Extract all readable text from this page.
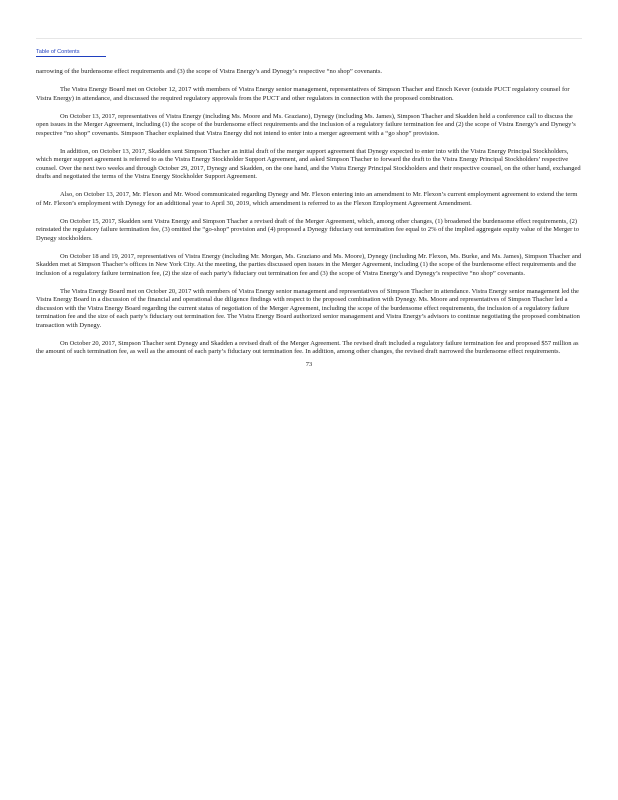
Table of Contents

narrowing of the burdensome effect requirements and (3) the scope of Vistra Energy’s and Dynegy’s respective “no shop” covenants.

The Vistra Energy Board met on October 12, 2017 with members of Vistra Energy senior management, representatives of Simpson Thacher and Enoch Kever (outside PUCT regulatory counsel for Vistra Energy) in attendance, and discussed the required regulatory approvals from the PUCT and other regulators in connection with the proposed combination.

On October 13, 2017, representatives of Vistra Energy (including Ms. Moore and Ms. Graziano), Dynegy (including Ms. James), Simpson Thacher and Skadden held a conference call to discuss the open issues in the Merger Agreement, including (1) the scope of the burdensome effect requirements and the inclusion of a regulatory failure termination fee and (2) the scope of Vistra Energy’s and Dynegy’s respective “no shop” covenants. Simpson Thacher explained that Vistra Energy did not intend to enter into a merger agreement with a “go shop” provision.

In addition, on October 13, 2017, Skadden sent Simpson Thacher an initial draft of the merger support agreement that Dynegy expected to enter into with the Vistra Energy Principal Stockholders, which merger support agreement is referred to as the Vistra Energy Stockholder Support Agreement, and asked Simpson Thacher to forward the draft to the Vistra Energy Principal Stockholders’ respective counsel. Over the next two weeks and through October 29, 2017, Dynegy and Skadden, on the one hand, and the Vistra Energy Principal Stockholders and their respective counsel, on the other hand, exchanged drafts and negotiated the terms of the Vistra Energy Stockholder Support Agreement.

Also, on October 13, 2017, Mr. Flexon and Mr. Wood communicated regarding Dynegy and Mr. Flexon entering into an amendment to Mr. Flexon’s current employment agreement to extend the term of Mr. Flexon’s employment with Dynegy for an additional year to April 30, 2019, which amendment is referred to as the Flexon Employment Agreement Amendment.

On October 15, 2017, Skadden sent Vistra Energy and Simpson Thacher a revised draft of the Merger Agreement, which, among other changes, (1) broadened the burdensome effect requirements, (2) reinstated the regulatory failure termination fee, (3) omitted the “go-shop” provision and (4) proposed a Dynegy fiduciary out termination fee equal to 2% of the implied aggregate equity value of the Merger to Dynegy stockholders.

On October 18 and 19, 2017, representatives of Vistra Energy (including Mr. Morgan, Ms. Graziano and Ms. Moore), Dynegy (including Mr. Flexon, Ms. Burke, and Ms. James), Simpson Thacher and Skadden met at Simpson Thacher’s offices in New York City. At the meeting, the parties discussed open issues in the Merger Agreement, including (1) the scope of the burdensome effect requirements and the inclusion of a regulatory failure termination fee, (2) the size of each party’s fiduciary out termination fee and (3) the scope of Vistra Energy’s and Dynegy’s respective “no shop” covenants.

The Vistra Energy Board met on October 20, 2017 with members of Vistra Energy senior management and representatives of Simpson Thacher in attendance. Vistra Energy senior management led the Vistra Energy Board in a discussion of the financial and operational due diligence findings with respect to the proposed combination with Dynegy. Ms. Moore and representatives of Simpson Thacher led a discussion with the Vistra Energy Board regarding the current status of negotiation of the Merger Agreement, including the scope of the burdensome effect requirements, the inclusion of a regulatory failure termination fee and the size of each party’s fiduciary out termination fee. The Vistra Energy Board authorized senior management and Vistra Energy’s advisors to continue negotiating the proposed combination transaction with Dynegy.

On October 20, 2017, Simpson Thacher sent Dynegy and Skadden a revised draft of the Merger Agreement. The revised draft included a regulatory failure termination fee and proposed $57 million as the amount of such termination fee, as well as the amount of each party’s fiduciary out termination fee. In addition, among other changes, the revised draft narrowed the burdensome effect requirements.

73
